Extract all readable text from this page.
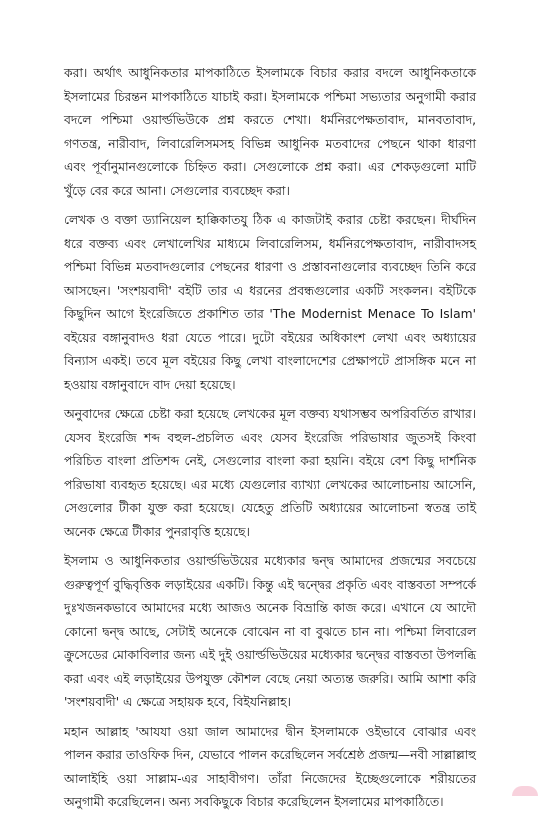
করা। অর্থাৎ আধুনিকতার মাপকাঠিতে ইসলামকে বিচার করার বদলে আধুনিকতাকে ইসলামের চিরন্তন মাপকাঠিতে যাচাই করা। ইসলামকে পশ্চিমা সভ্যতার অনুগামী করার বদলে পশ্চিমা ওয়ার্ল্ডভিউকে প্রশ্ন করতে শেখা। ধর্মনিরপেক্ষতাবাদ, মানবতাবাদ, গণতন্ত্র, নারীবাদ, লিবারেলিসমসহ বিভিন্ন আধুনিক মতবাদের পেছনে থাকা ধারণা এবং পূর্বানুমানগুলোকে চিহ্নিত করা। সেগুলোকে প্রশ্ন করা। এর শেকড়গুলো মাটি খুঁড়ে বের করে আনা। সেগুলোর ব্যবচ্ছেদ করা।

লেখক ও বক্তা ড্যানিয়েল হাক্কিকাতযু ঠিক এ কাজটাই করার চেষ্টা করছেন। দীর্ঘদিন ধরে বক্তব্য এবং লেখালেখির মাধ্যমে লিবারেলিসম, ধর্মনিরপেক্ষতাবাদ, নারীবাদসহ পশ্চিমা বিভিন্ন মতবাদগুলোর পেছনের ধারণা ও প্রস্তাবনাগুলোর ব্যবচ্ছেদ তিনি করে আসছেন। 'সংশয়বাদী' বইটি তার এ ধরনের প্রবন্ধগুলোর একটি সংকলন। বইটিকে কিছুদিন আগে ইংরেজিতে প্রকাশিত তার 'The Modernist Menace To Islam' বইয়ের বঙ্গানুবাদও ধরা যেতে পারে। দুটো বইয়ের অধিকাংশ লেখা এবং অধ্যায়ের বিন্যাস একই। তবে মূল বইয়ের কিছু লেখা বাংলাদেশের প্রেক্ষাপটে প্রাসঙ্গিক মনে না হওয়ায় বঙ্গানুবাদে বাদ দেয়া হয়েছে।

অনুবাদের ক্ষেত্রে চেষ্টা করা হয়েছে লেখকের মূল বক্তব্য যথাসম্ভব অপরিবর্তিত রাখার। যেসব ইংরেজি শব্দ বহুল-প্রচলিত এবং যেসব ইংরেজি পরিভাষার জুতসই কিংবা পরিচিত বাংলা প্রতিশব্দ নেই, সেগুলোর বাংলা করা হয়নি। বইয়ে বেশ কিছু দার্শনিক পরিভাষা ব্যবহৃত হয়েছে। এর মধ্যে যেগুলোর ব্যাখ্যা লেখকের আলোচনায় আসেনি, সেগুলোর টীকা যুক্ত করা হয়েছে। যেহেতু প্রতিটি অধ্যায়ের আলোচনা স্বতন্ত্র তাই অনেক ক্ষেত্রে টীকার পুনরাবৃত্তি হয়েছে।

ইসলাম ও আধুনিকতার ওয়ার্ল্ডভিউয়ের মধ্যেকার দ্বন্দ্ব আমাদের প্রজন্মের সবচেয়ে গুরুত্বপূর্ণ বুদ্ধিবৃত্তিক লড়াইয়ের একটি। কিন্তু এই দ্বন্দ্বের প্রকৃতি এবং বাস্তবতা সম্পর্কে দুঃখজনকভাবে আমাদের মধ্যে আজও অনেক বিভ্রান্তি কাজ করে। এখানে যে আদৌ কোনো দ্বন্দ্ব আছে, সেটাই অনেকে বোঝেন না বা বুঝতে চান না। পশ্চিমা লিবারেল ক্রুসেডের মোকাবিলার জন্য এই দুই ওয়ার্ল্ডভিউয়ের মধ্যেকার দ্বন্দ্বের বাস্তবতা উপলব্ধি করা এবং এই লড়াইয়ের উপযুক্ত কৌশল বেছে নেয়া অত্যন্ত জরুরি। আমি আশা করি 'সংশয়বাদী' এ ক্ষেত্রে সহায়ক হবে, বিইযনিল্লাহ।

মহান আল্লাহ 'আযযা ওয়া জাল আমাদের দ্বীন ইসলামকে ওইভাবে বোঝার এবং পালন করার তাওফিক দিন, যেভাবে পালন করেছিলেন সর্বশ্রেষ্ঠ প্রজন্ম—নবী সাল্লাল্লাহু আলাইহি ওয়া সাল্লাম-এর সাহাবীগণ। তাঁরা নিজেদের ইচ্ছেগুলোকে শরীয়তের অনুগামী করেছিলেন। অন্য সবকিছুকে বিচার করেছিলেন ইসলামের মাপকাঠিতে।
